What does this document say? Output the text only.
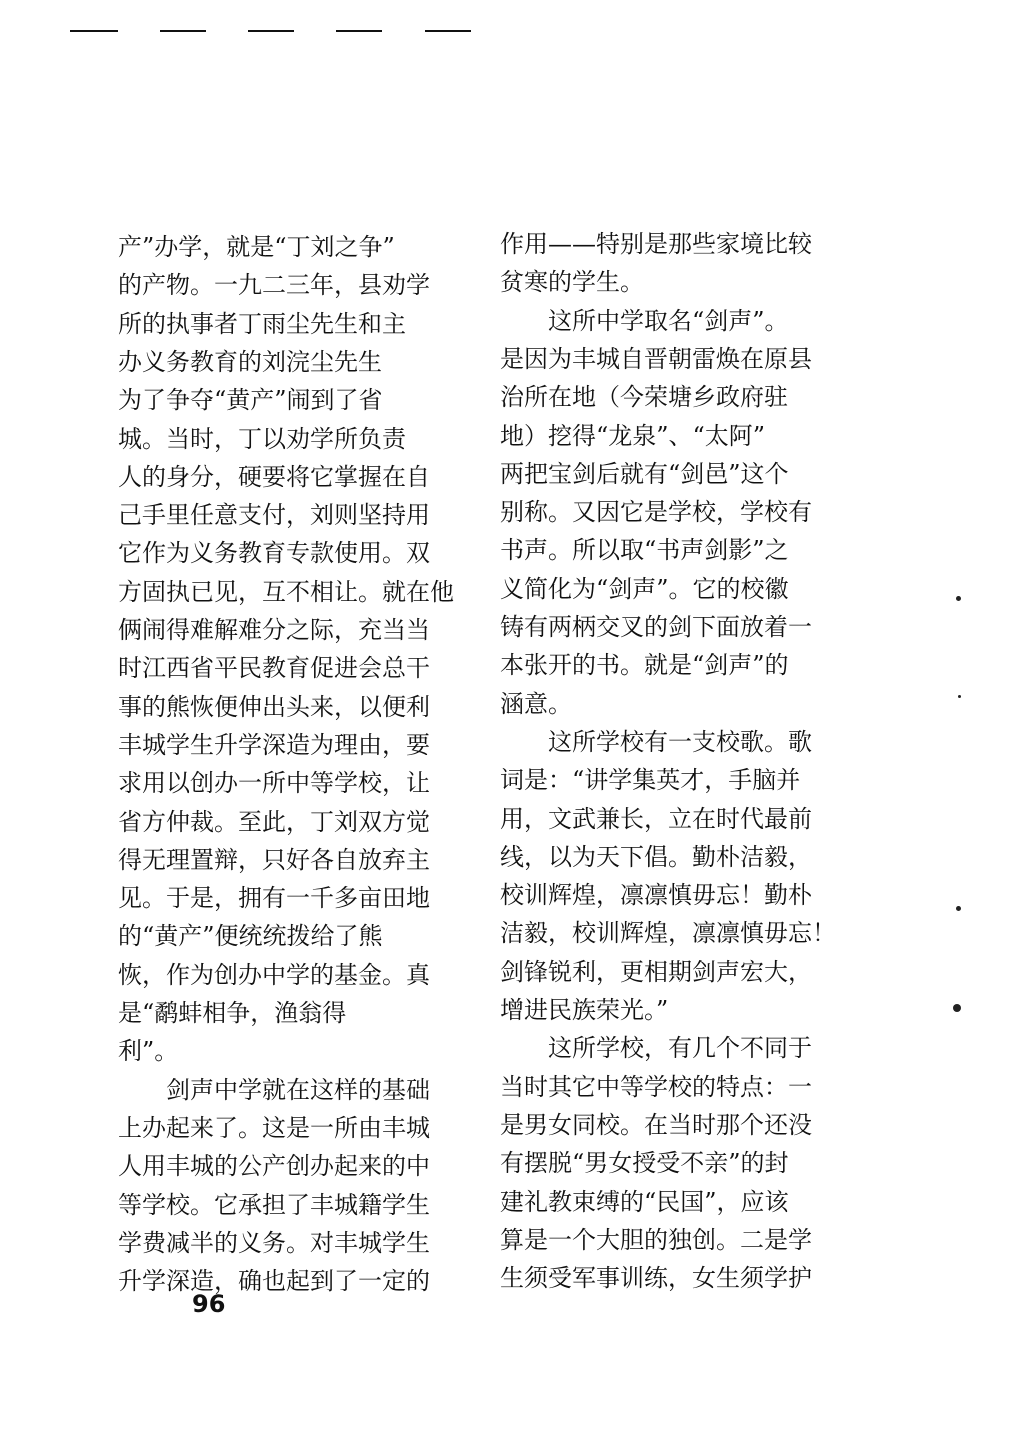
产”办学，就是“丁刘之争”
的产物。一九二三年，县劝学
所的执事者丁雨尘先生和主
办义务教育的刘浣尘先生
为了争夺“黄产”闹到了省
城。当时，丁以劝学所负责
人的身分，硬要将它掌握在自
己手里任意支付，刘则坚持用
它作为义务教育专款使用。双
方固执已见，互不相让。就在他
俩闹得难解难分之际，充当当
时江西省平民教育促进会总干
事的熊恢便伸出头来，以便利
丰城学生升学深造为理由，要
求用以创办一所中等学校，让
省方仲裁。至此，丁刘双方觉
得无理置辩，只好各自放弃主
见。于是，拥有一千多亩田地
的“黄产”便统统拨给了熊
恢，作为创办中学的基金。真
是“鹬蚌相争，渔翁得
利”。
　　剑声中学就在这样的基础
上办起来了。这是一所由丰城
人用丰城的公产创办起来的中
等学校。它承担了丰城籍学生
学费减半的义务。对丰城学生
升学深造，确也起到了一定的
作用——特别是那些家境比较
贫寒的学生。
　　这所中学取名“剑声”。
是因为丰城自晋朝雷焕在原县
治所在地（今荣塘乡政府驻
地）挖得“龙泉”、“太阿”
两把宝剑后就有“剑邑”这个
别称。又因它是学校，学校有
书声。所以取“书声剑影”之
义简化为“剑声”。它的校徽
铸有两柄交叉的剑下面放着一
本张开的书。就是“剑声”的
涵意。
　　这所学校有一支校歌。歌
词是：“讲学集英才，手脑并
用，文武兼长，立在时代最前
线，以为天下倡。勤朴洁毅，
校训辉煌，凛凛慎毋忘！勤朴
洁毅，校训辉煌，凛凛慎毋忘！
剑锋锐利，更相期剑声宏大，
增进民族荣光。”
　　这所学校，有几个不同于
当时其它中等学校的特点：一
是男女同校。在当时那个还没
有摆脱“男女授受不亲”的封
建礼教束缚的“民国”，应该
算是一个大胆的独创。二是学
生须受军事训练，女生须学护
96
